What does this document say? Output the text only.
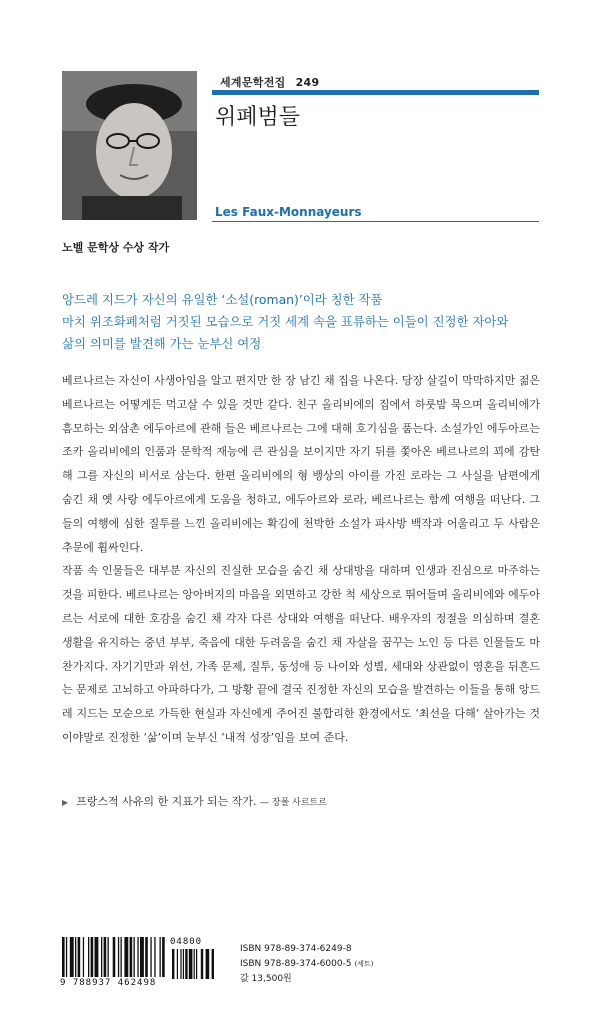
세계문학전집 249
위폐범들
Les Faux-Monnayeurs
노벨 문학상 수상 작가
앙드레 지드가 자신의 유일한 ‘소설(roman)’이라 칭한 작품
마치 위조화폐처럼 거짓된 모습으로 거짓 세계 속을 표류하는 이들이 진정한 자아와
삶의 의미를 발견해 가는 눈부신 여정

베르나르는 자신이 사생아임을 알고 편지만 한 장 남긴 채 집을 나온다. 당장 살길이 막막하지만 젊은 베르나르는 어떻게든 먹고살 수 있을 것만 같다. 친구 올리비에의 집에서 하룻밤 묵으며 올리비에가 흠모하는 외삼촌 에두아르에 관해 들은 베르나르는 그에 대해 호기심을 품는다. 소설가인 에두아르는 조카 올리비에의 인품과 문학적 재능에 큰 관심을 보이지만 자기 뒤를 쫓아온 베르나르의 꾀에 감탄해 그를 자신의 비서로 삼는다. 한편 올리비에의 형 뱅상의 아이를 가진 로라는 그 사실을 남편에게 숨긴 채 옛 사랑 에두아르에게 도움을 청하고, 에두아르와 로라, 베르나르는 함께 여행을 떠난다. 그들의 여행에 심한 질투를 느낀 올리비에는 확김에 천박한 소설가 파사방 백작과 어울리고 두 사람은 추문에 휩싸인다.

작품 속 인물들은 대부분 자신의 진실한 모습을 숨긴 채 상대방을 대하며 인생과 진심으로 마주하는 것을 피한다. 베르나르는 앙아버지의 마음을 외면하고 강한 척 세상으로 뛰어들며 올리비에와 에두아르는 서로에 대한 호감을 숨긴 채 각자 다른 상대와 여행을 떠난다. 배우자의 정절을 의심하며 결혼 생활을 유지하는 중년 부부, 죽음에 대한 두려움을 숨긴 채 자살을 꿈꾸는 노인 등 다른 인물들도 마찬가지다. 자기기만과 위선, 가족 문제, 질투, 동성애 등 나이와 성별, 세대와 상관없이 영혼을 뒤흔드는 문제로 고뇌하고 아파하다가, 그 방황 끝에 결국 진정한 자신의 모습을 발견하는 이들을 통해 앙드레 지드는 모순으로 가득한 현실과 자신에게 주어진 불합리한 환경에서도 ‘최선을 다해’ 살아가는 것이야말로 진정한 ‘삶’이며 눈부신 ‘내적 성장’임을 보여 준다.

▶ 프랑스적 사유의 한 지표가 되는 작가. — 장폴 사르트르
04800
9 788937 462498
ISBN 978-89-374-6249-8
ISBN 978-89-374-6000-5 (세트)
값 13,500원
